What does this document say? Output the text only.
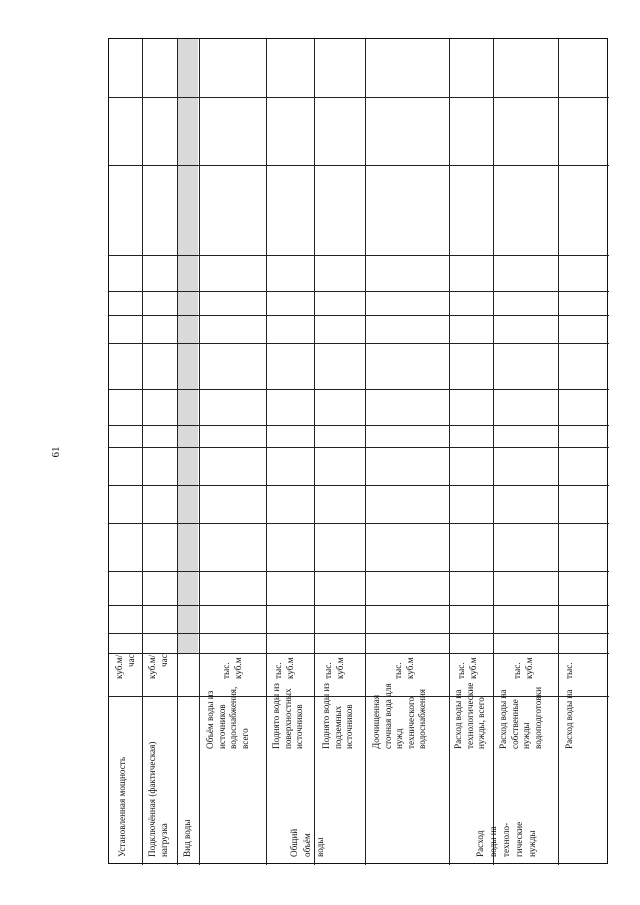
61
Установленная мощность
куб.м/ час
Подключённая (фактическая) нагрузка
куб.м/ час
Вид воды	Общий объём воды	Расход воды на техноло- гические нужды
Объём воды из источников водоснабжения, всего
тыс. куб.м
Поднято воды из поверхностных источников
тыс. куб.м
Поднято воды из подземных источников
тыс. куб.м
Доочищенная сточная вода для нужд технического водоснабжения
тыс. куб.м
Расход воды на технологические нужды, всего
тыс. куб.м
Расход воды на собственные нужды водоподготовки
тыс. куб.м
Расход воды на
тыс.
